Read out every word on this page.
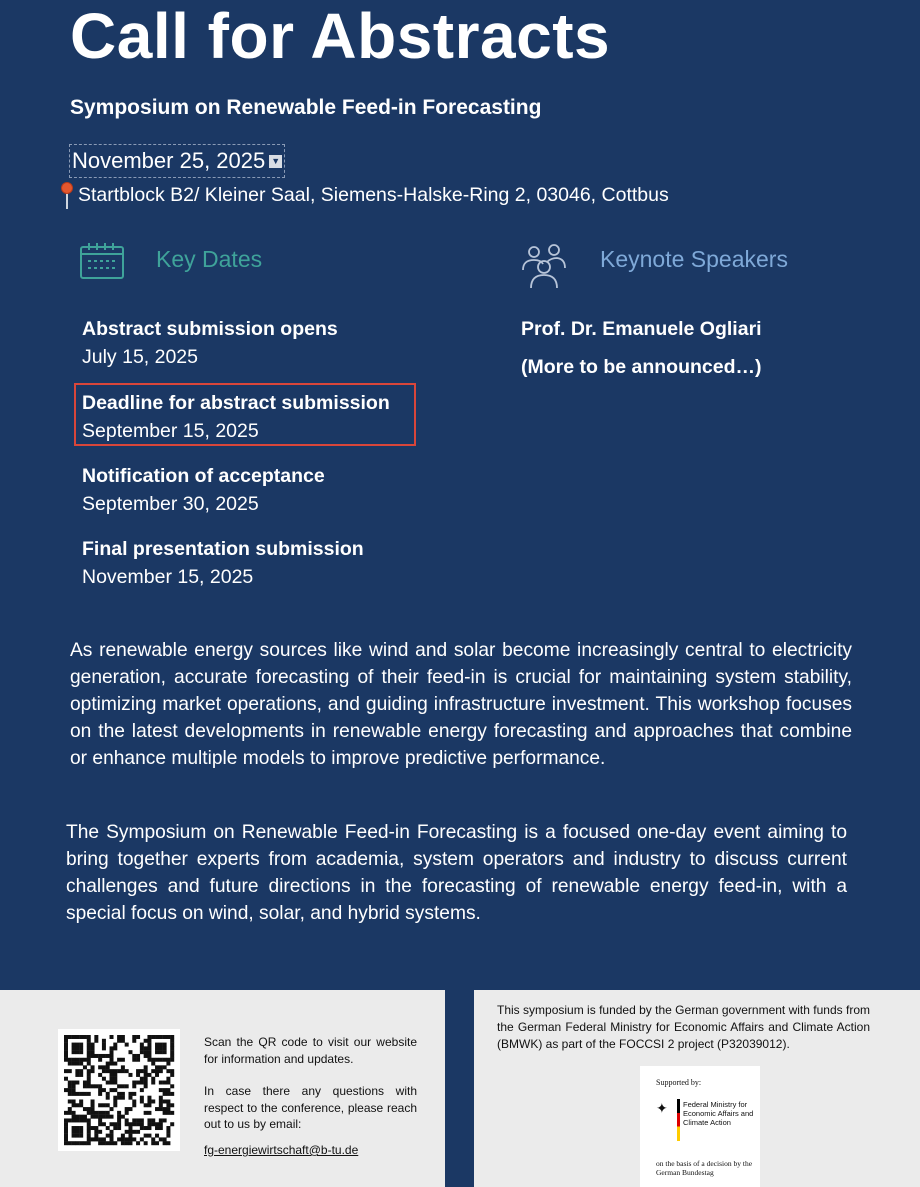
Call for Abstracts
Symposium on Renewable Feed-in Forecasting
November 25, 2025 ▼
Startblock B2/ Kleiner Saal, Siemens-Halske-Ring 2, 03046, Cottbus
Key Dates	Keynote Speakers
Abstract submission opens
July 15, 2025
Deadline for abstract submission
September 15, 2025
Notification of acceptance
September 30, 2025
Final presentation submission
November 15, 2025
Prof. Dr. Emanuele Ogliari
(More to be announced…)
As renewable energy sources like wind and solar become increasingly central to electricity generation, accurate forecasting of their feed-in is crucial for maintaining system stability, optimizing market operations, and guiding infrastructure investment. This workshop focuses on the latest developments in renewable energy forecasting and approaches that combine or enhance multiple models to improve predictive performance.
The Symposium on Renewable Feed-in Forecasting is a focused one-day event aiming to bring together experts from academia, system operators and industry to discuss current challenges and future directions in the forecasting of renewable energy feed-in, with a special focus on wind, solar, and hybrid systems.
Scan the QR code to visit our website for information and updates.
In case there any questions with respect to the conference, please reach out to us by email:
fg-energiewirtschaft@b-tu.de
This symposium is funded by the German government with funds from the German Federal Ministry for Economic Affairs and Climate Action (BMWK) as part of the FOCCSI 2 project (P32039012).
Supported by:
✦ Federal Ministry for Economic Affairs and Climate Action
on the basis of a decision by the German Bundestag
